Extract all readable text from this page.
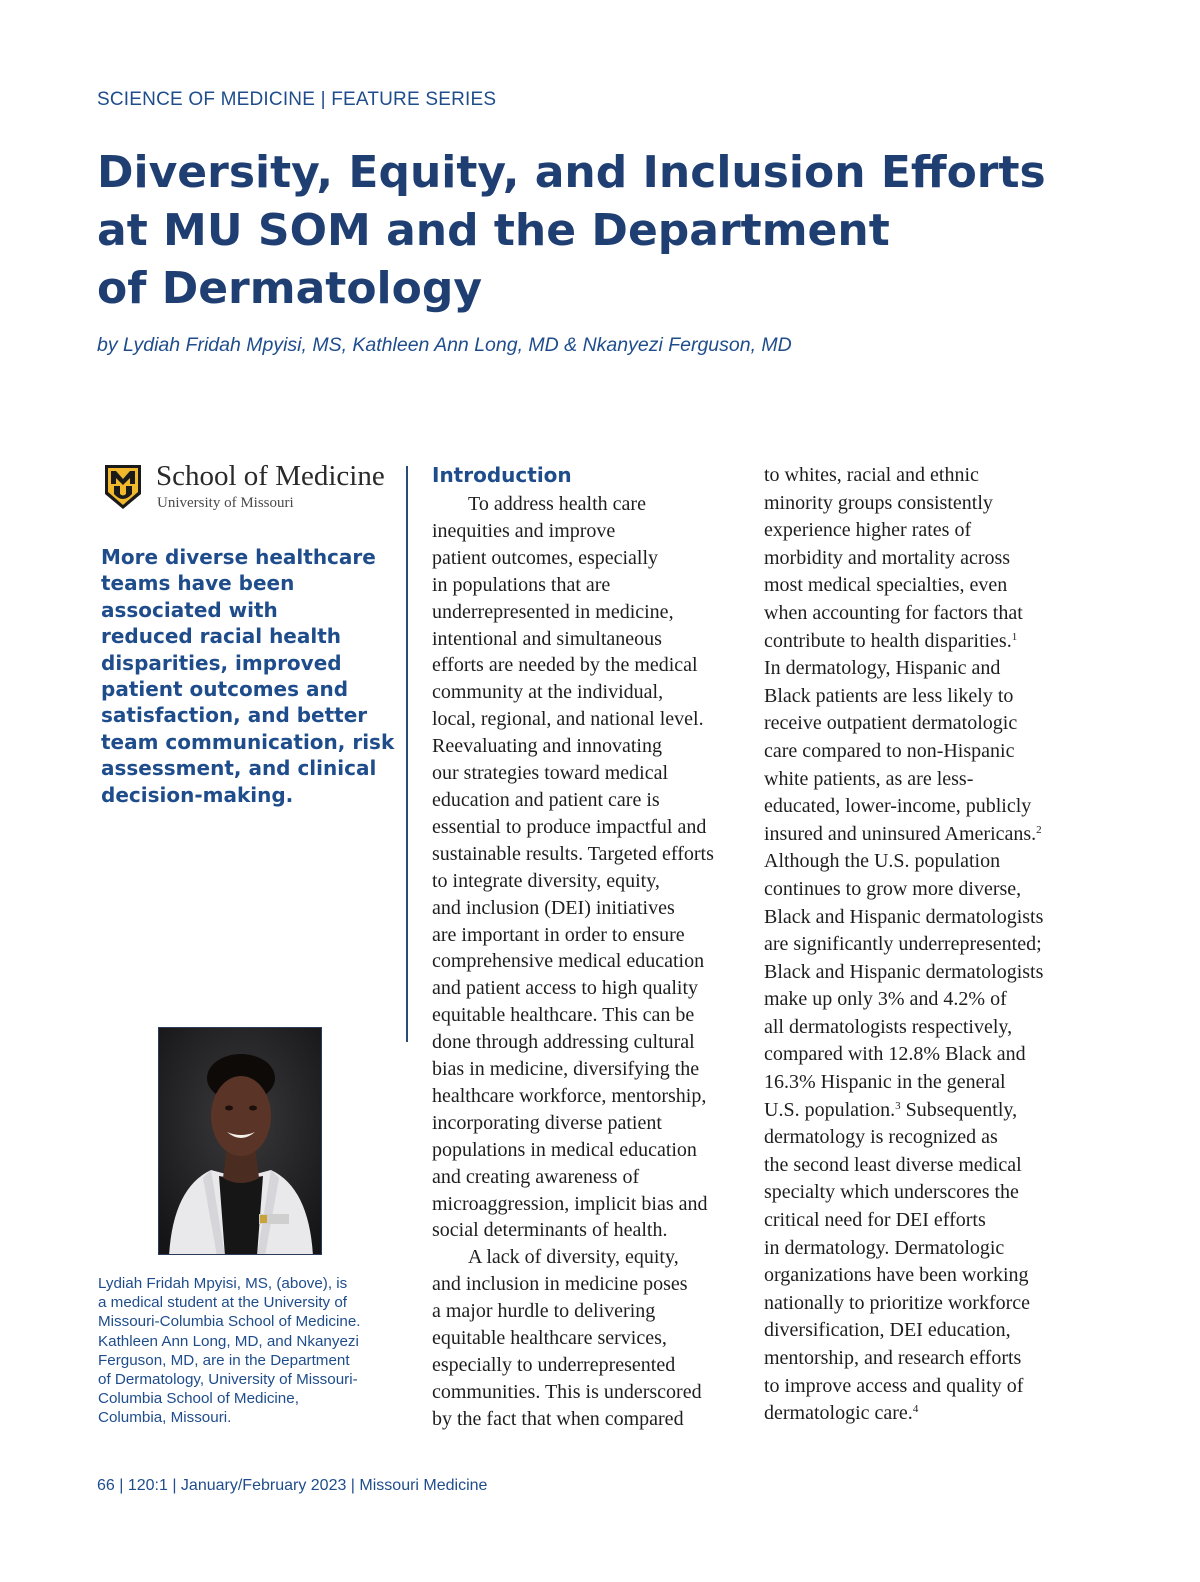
SCIENCE OF MEDICINE | FEATURE SERIES
Diversity, Equity, and Inclusion Efforts
at MU SOM and the Department
of Dermatology
by Lydiah Fridah Mpyisi, MS, Kathleen Ann Long, MD & Nkanyezi Ferguson, MD
School of Medicine
University of Missouri
More diverse healthcare
teams have been
associated with
reduced racial health
disparities, improved
patient outcomes and
satisfaction, and better
team communication, risk
assessment, and clinical
decision-making.
Lydiah Fridah Mpyisi, MS, (above), is
a medical student at the University of
Missouri-Columbia School of Medicine.
Kathleen Ann Long, MD, and Nkanyezi
Ferguson, MD, are in the Department
of Dermatology, University of Missouri-
Columbia School of Medicine,
Columbia, Missouri.
Introduction
To address health care
inequities and improve
patient outcomes, especially
in populations that are
underrepresented in medicine,
intentional and simultaneous
efforts are needed by the medical
community at the individual,
local, regional, and national level.
Reevaluating and innovating
our strategies toward medical
education and patient care is
essential to produce impactful and
sustainable results. Targeted efforts
to integrate diversity, equity,
and inclusion (DEI) initiatives
are important in order to ensure
comprehensive medical education
and patient access to high quality
equitable healthcare. This can be
done through addressing cultural
bias in medicine, diversifying the
healthcare workforce, mentorship,
incorporating diverse patient
populations in medical education
and creating awareness of
microaggression, implicit bias and
social determinants of health.
A lack of diversity, equity,
and inclusion in medicine poses
a major hurdle to delivering
equitable healthcare services,
especially to underrepresented
communities. This is underscored
by the fact that when compared
to whites, racial and ethnic
minority groups consistently
experience higher rates of
morbidity and mortality across
most medical specialties, even
when accounting for factors that
contribute to health disparities.$^1$
In dermatology, Hispanic and
Black patients are less likely to
receive outpatient dermatologic
care compared to non-Hispanic
white patients, as are less-
educated, lower-income, publicly
insured and uninsured Americans.$^2$
Although the U.S. population
continues to grow more diverse,
Black and Hispanic dermatologists
are significantly underrepresented;
Black and Hispanic dermatologists
make up only 3% and 4.2% of
all dermatologists respectively,
compared with 12.8% Black and
16.3% Hispanic in the general
U.S. population.$^3$ Subsequently,
dermatology is recognized as
the second least diverse medical
specialty which underscores the
critical need for DEI efforts
in dermatology. Dermatologic
organizations have been working
nationally to prioritize workforce
diversification, DEI education,
mentorship, and research efforts
to improve access and quality of
dermatologic care.$^4$
66 | 120:1 | January/February 2023 | Missouri Medicine
